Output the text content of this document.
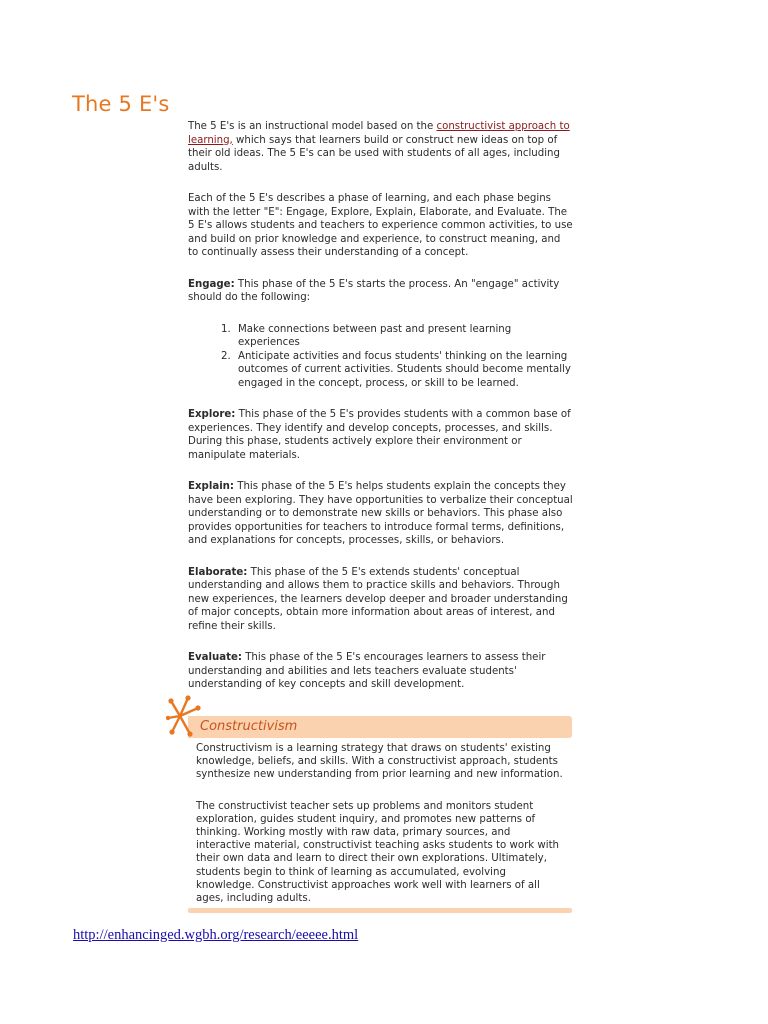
The 5 E's

The 5 E's is an instructional model based on the constructivist approach to learning, which says that learners build or construct new ideas on top of their old ideas. The 5 E's can be used with students of all ages, including adults.

Each of the 5 E's describes a phase of learning, and each phase begins with the letter "E": Engage, Explore, Explain, Elaborate, and Evaluate. The 5 E's allows students and teachers to experience common activities, to use and build on prior knowledge and experience, to construct meaning, and to continually assess their understanding of a concept.

Engage: This phase of the 5 E's starts the process. An "engage" activity should do the following:

1. Make connections between past and present learning experiences
2. Anticipate activities and focus students' thinking on the learning outcomes of current activities. Students should become mentally engaged in the concept, process, or skill to be learned.

Explore: This phase of the 5 E's provides students with a common base of experiences. They identify and develop concepts, processes, and skills. During this phase, students actively explore their environment or manipulate materials.

Explain: This phase of the 5 E's helps students explain the concepts they have been exploring. They have opportunities to verbalize their conceptual understanding or to demonstrate new skills or behaviors. This phase also provides opportunities for teachers to introduce formal terms, definitions, and explanations for concepts, processes, skills, or behaviors.

Elaborate: This phase of the 5 E's extends students' conceptual understanding and allows them to practice skills and behaviors. Through new experiences, the learners develop deeper and broader understanding of major concepts, obtain more information about areas of interest, and refine their skills.

Evaluate: This phase of the 5 E's encourages learners to assess their understanding and abilities and lets teachers evaluate students' understanding of key concepts and skill development.

Constructivism

Constructivism is a learning strategy that draws on students' existing knowledge, beliefs, and skills. With a constructivist approach, students synthesize new understanding from prior learning and new information.

The constructivist teacher sets up problems and monitors student exploration, guides student inquiry, and promotes new patterns of thinking. Working mostly with raw data, primary sources, and interactive material, constructivist teaching asks students to work with their own data and learn to direct their own explorations. Ultimately, students begin to think of learning as accumulated, evolving knowledge. Constructivist approaches work well with learners of all ages, including adults.

http://enhancinged.wgbh.org/research/eeeee.html
